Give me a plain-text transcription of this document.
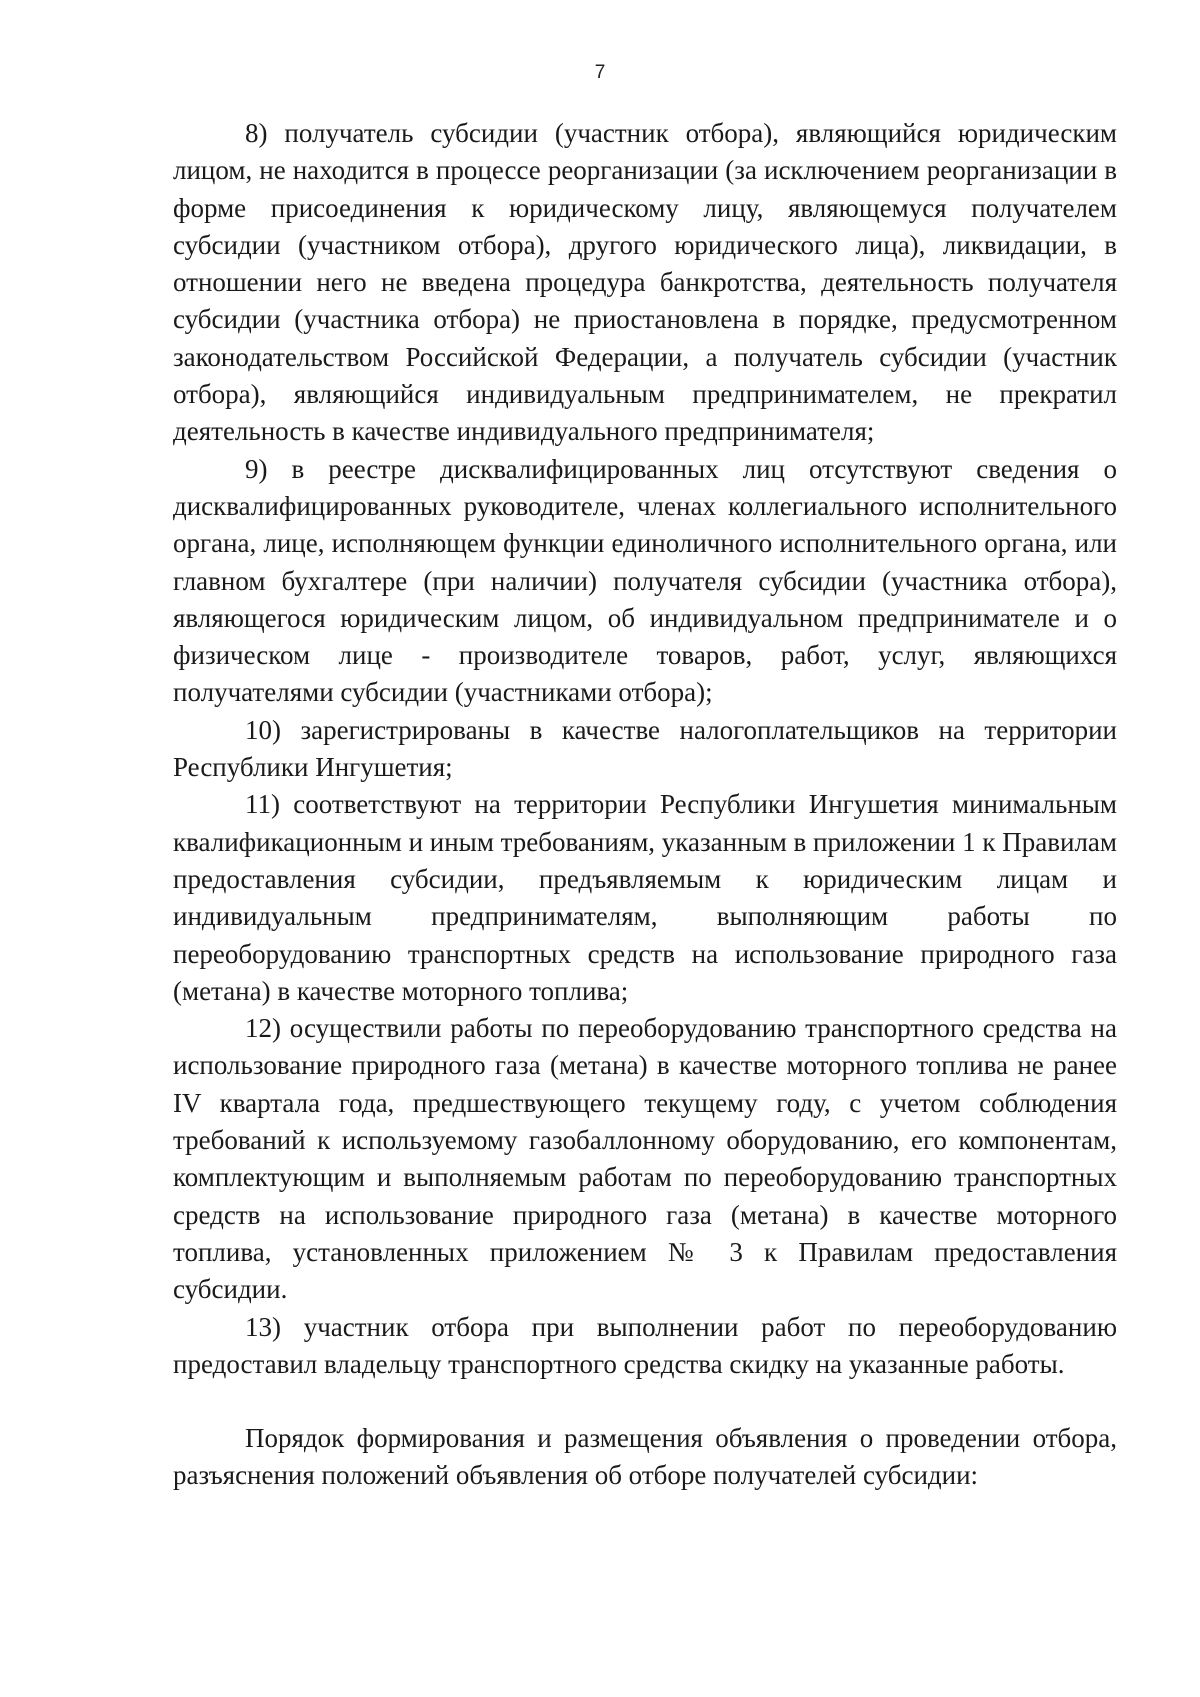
7

8) получатель субсидии (участник отбора), являющийся юридическим лицом, не находится в процессе реорганизации (за исключением реорганизации в форме присоединения к юридическому лицу, являющемуся получателем субсидии (участником отбора), другого юридического лица), ликвидации, в отношении него не введена процедура банкротства, деятельность получателя субсидии (участника отбора) не приостановлена в порядке, предусмотренном законодательством Российской Федерации, а получатель субсидии (участник отбора), являющийся индивидуальным предпринимателем, не прекратил деятельность в качестве индивидуального предпринимателя;

9) в реестре дисквалифицированных лиц отсутствуют сведения о дисквалифицированных руководителе, членах коллегиального исполнительного органа, лице, исполняющем функции единоличного исполнительного органа, или главном бухгалтере (при наличии) получателя субсидии (участника отбора), являющегося юридическим лицом, об индивидуальном предпринимателе и о физическом лице - производителе товаров, работ, услуг, являющихся получателями субсидии (участниками отбора);

10) зарегистрированы в качестве налогоплательщиков на территории Республики Ингушетия;

11) соответствуют на территории Республики Ингушетия минимальным квалификационным и иным требованиям, указанным в приложении 1 к Правилам предоставления субсидии, предъявляемым к юридическим лицам и индивидуальным предпринимателям, выполняющим работы по переоборудованию транспортных средств на использование природного газа (метана) в качестве моторного топлива;

12) осуществили работы по переоборудованию транспортного средства на использование природного газа (метана) в качестве моторного топлива не ранее IV квартала года, предшествующего текущему году, с учетом соблюдения требований к используемому газобаллонному оборудованию, его компонентам, комплектующим и выполняемым работам по переоборудованию транспортных средств на использование природного газа (метана) в качестве моторного топлива, установленных приложением № 3 к Правилам предоставления субсидии.

13) участник отбора при выполнении работ по переоборудованию предоставил владельцу транспортного средства скидку на указанные работы.

Порядок формирования и размещения объявления о проведении отбора, разъяснения положений объявления об отборе получателей субсидии:
